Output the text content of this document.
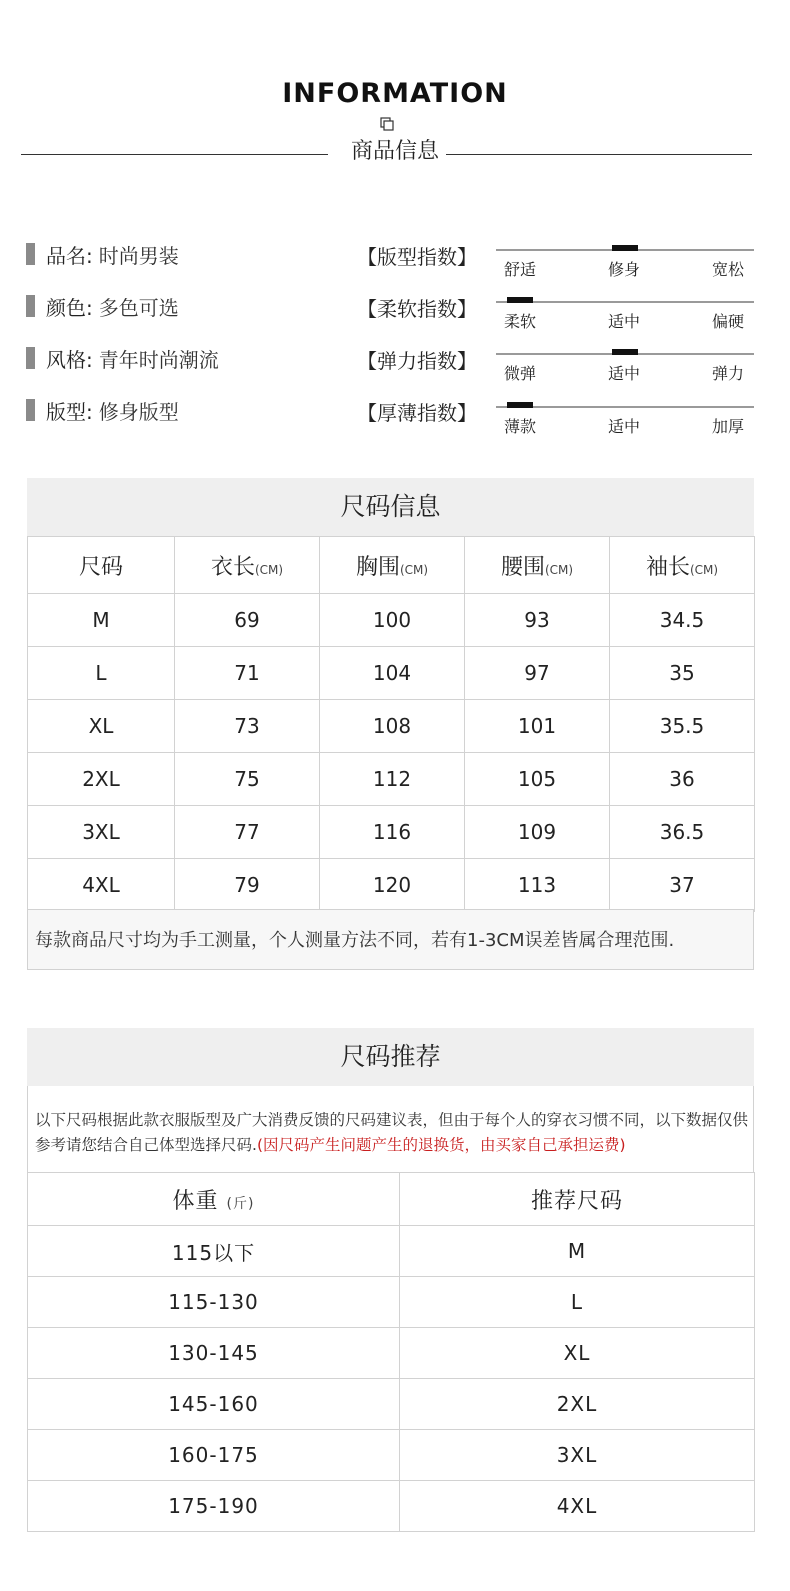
INFORMATION
商品信息
品名: 时尚男装
颜色: 多色可选
风格: 青年时尚潮流
版型: 修身版型
【版型指数】
【柔软指数】
【弹力指数】
【厚薄指数】
舒适	修身	宽松
柔软	适中	偏硬
微弹	适中	弹力
薄款	适中	加厚
尺码信息
尺码	衣长(CM)	胸围(CM)	腰围(CM)	袖长(CM)
M	69	100	93	34.5
L	71	104	97	35
XL	73	108	101	35.5
2XL	75	112	105	36
3XL	77	116	109	36.5
4XL	79	120	113	37
每款商品尺寸均为手工测量，个人测量方法不同，若有1-3CM误差皆属合理范围.
尺码推荐
以下尺码根据此款衣服版型及广大消费反馈的尺码建议表，但由于每个人的穿衣习惯不同，以下数据仅供参考请您结合自己体型选择尺码.(因尺码产生问题产生的退换货，由买家自己承担运费)
体重 (斤)	推荐尺码
115以下	M
115-130	L
130-145	XL
145-160	2XL
160-175	3XL
175-190	4XL
